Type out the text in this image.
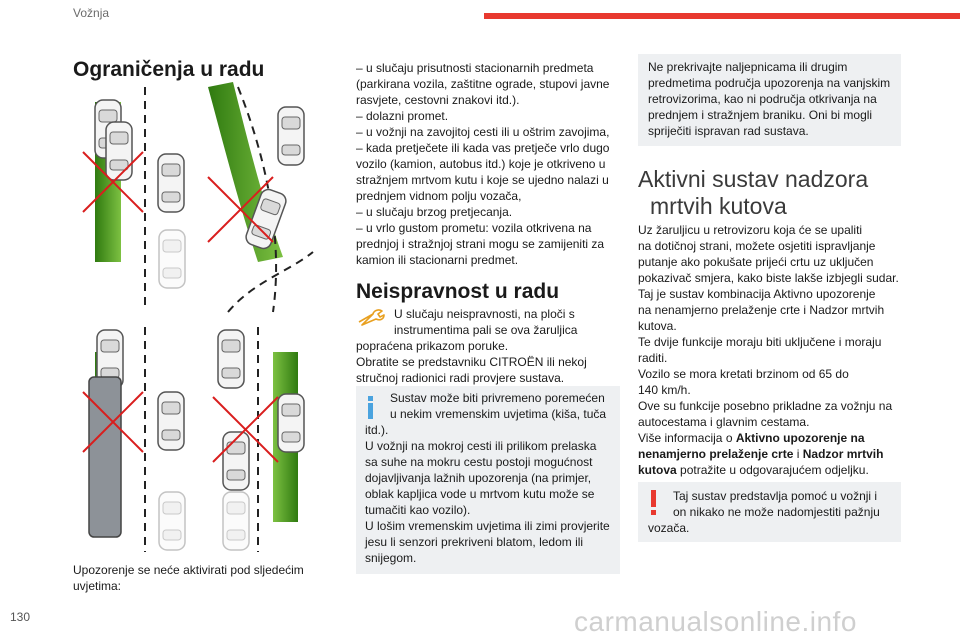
Vožnja
Ograničenja u radu
Upozorenje se neće aktivirati pod sljedećim
uvjetima:
– u slučaju prisutnosti stacionarnih predmeta
(parkirana vozila, zaštitne ograde, stupovi javne
rasvjete, cestovni znakovi itd.).
– dolazni promet.
– u vožnji na zavojitoj cesti ili u oštrim zavojima,
– kada pretječete ili kada vas pretječe vrlo dugo
vozilo (kamion, autobus itd.) koje je otkriveno u
stražnjem mrtvom kutu i koje se ujedno nalazi u
prednjem vidnom polju vozača,
– u slučaju brzog pretjecanja.
– u vrlo gustom prometu: vozila otkrivena na
prednjoj i stražnjoj strani mogu se zamijeniti za
kamion ili stacionarni predmet.
Neispravnost u radu
U slučaju neispravnosti, na ploči s
instrumentima pali se ova žaruljica
popraćena prikazom poruke.
Obratite se predstavniku CITROËN ili nekoj
stručnoj radionici radi provjere sustava.
Sustav može biti privremeno poremećen
u nekim vremenskim uvjetima (kiša, tuča
itd.).
U vožnji na mokroj cesti ili prilikom prelaska
sa suhe na mokru cestu postoji mogućnost
dojavljivanja lažnih upozorenja (na primjer,
oblak kapljica vode u mrtvom kutu može se
tumačiti kao vozilo).
U lošim vremenskim uvjetima ili zimi provjerite
jesu li senzori prekriveni blatom, ledom ili
snijegom.
Ne prekrivajte naljepnicama ili drugim
predmetima područja upozorenja na vanjskim
retrovizorima, kao ni područja otkrivanja na
prednjem i stražnjem braniku. Oni bi mogli
spriječiti ispravan rad sustava.
Aktivni sustav nadzora
mrtvih kutova
Uz žaruljicu u retrovizoru koja će se upaliti
na dotičnoj strani, možete osjetiti ispravljanje
putanje ako pokušate prijeći crtu uz uključen
pokazivač smjera, kako biste lakše izbjegli sudar.
Taj je sustav kombinacija Aktivno upozorenje
na nenamjerno prelaženje crte i Nadzor mrtvih
kutova.
Te dvije funkcije moraju biti uključene i moraju
raditi.
Vozilo se mora kretati brzinom od 65 do
140 km/h.
Ove su funkcije posebno prikladne za vožnju na
autocestama i glavnim cestama.
Više informacija o Aktivno upozorenje na
nenamjerno prelaženje crte i Nadzor mrtvih
kutova potražite u odgovarajućem odjeljku.
Taj sustav predstavlja pomoć u vožnji i
on nikako ne može nadomjestiti pažnju
vozača.
130	carmanualsonline.info
